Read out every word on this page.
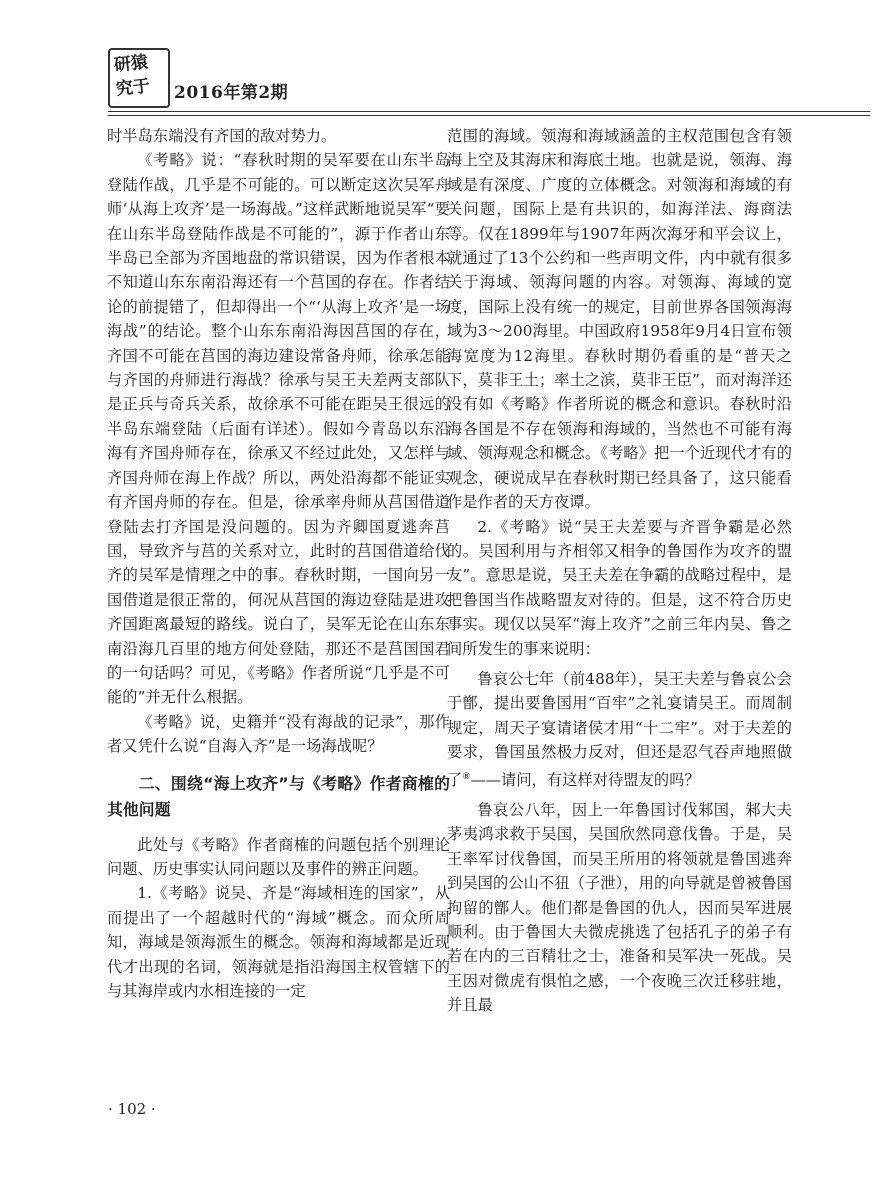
研猿
究于 2016年第2期

时半岛东端没有齐国的敌对势力。

《考略》说：“春秋时期的吴军要在山东半岛登陆作战，几乎是不可能的。可以断定这次吴军舟师‘从海上攻齐’是一场海战。”这样武断地说吴军“要在山东半岛登陆作战是不可能的”，源于作者山东半岛已全部为齐国地盘的常识错误，因为作者根本不知道山东东南沿海还有一个莒国的存在。作者结论的前提错了，但却得出一个“‘从海上攻齐’是一场海战”的结论。整个山东东南沿海因莒国的存在，齐国不可能在莒国的海边建设常备舟师，徐承怎能与齐国的舟师进行海战？徐承与吴王夫差两支部队是正兵与奇兵关系，故徐承不可能在距吴王很远的半岛东端登陆（后面有详述）。假如今青岛以东沿海有齐国舟师存在，徐承又不经过此处，又怎样与齐国舟师在海上作战？所以，两处沿海都不能证实有齐国舟师的存在。但是，徐承率舟师从莒国借道登陆去打齐国是没问题的。因为齐卿国夏逃奔莒国，导致齐与莒的关系对立，此时的莒国借道给伐齐的吴军是情理之中的事。春秋时期，一国向另一国借道是很正常的，何况从莒国的海边登陆是进攻齐国距离最短的路线。说白了，吴军无论在山东东南沿海几百里的地方何处登陆，那还不是莒国国君的一句话吗？可见，《考略》作者所说“几乎是不可能的”并无什么根据。

《考略》说，史籍并“没有海战的记录”，那作者又凭什么说“自海入齐”是一场海战呢？

二、围绕“海上攻齐”与《考略》作者商榷的其他问题

此处与《考略》作者商榷的问题包括个别理论问题、历史事实认同问题以及事件的辨正问题。

1.《考略》说吴、齐是“海域相连的国家”，从而提出了一个超越时代的“海域”概念。而众所周知，海域是领海派生的概念。领海和海域都是近现代才出现的名词，领海就是指沿海国主权管辖下的与其海岸或内水相连接的一定

范围的海域。领海和海域涵盖的主权范围包含有领海上空及其海床和海底土地。也就是说，领海、海域是有深度、广度的立体概念。对领海和海域的有关问题，国际上是有共识的，如海洋法、海商法等。仅在1899年与1907年两次海牙和平会议上，就通过了13个公约和一些声明文件，内中就有很多关于海域、领海问题的内容。对领海、海域的宽度，国际上没有统一的规定，目前世界各国领海海域为3～200海里。中国政府1958年9月4日宣布领海宽度为12海里。春秋时期仍看重的是“普天之下，莫非王土；率土之滨，莫非王臣”，而对海洋还没有如《考略》作者所说的概念和意识。春秋时沿海各国是不存在领海和海域的，当然也不可能有海域、领海观念和概念。《考略》把一个近现代才有的观念，硬说成早在春秋时期已经具备了，这只能看作是作者的天方夜谭。

2.《考略》说“吴王夫差要与齐晋争霸是必然的。吴国利用与齐相邻又相争的鲁国作为攻齐的盟友”。意思是说，吴王夫差在争霸的战略过程中，是把鲁国当作战略盟友对待的。但是，这不符合历史事实。现仅以吴军“海上攻齐”之前三年内吴、鲁之间所发生的事来说明：

鲁哀公七年（前488年），吴王夫差与鲁哀公会于鄫，提出要鲁国用“百牢”之礼宴请吴王。而周制规定，周天子宴请诸侯才用“十二牢”。对于夫差的要求，鲁国虽然极力反对，但还是忍气吞声地照做了⑧——请问，有这样对待盟友的吗？

鲁哀公八年，因上一年鲁国讨伐邾国，邾大夫茅夷鸿求救于吴国，吴国欣然同意伐鲁。于是，吴王率军讨伐鲁国，而吴王所用的将领就是鲁国逃奔到吴国的公山不狃（子泄），用的向导就是曾被鲁国拘留的鄫人。他们都是鲁国的仇人，因而吴军进展顺利。由于鲁国大夫微虎挑选了包括孔子的弟子有若在内的三百精壮之士，准备和吴军决一死战。吴王因对微虎有惧怕之感，一个夜晚三次迁移驻地，并且最

· 102 ·
